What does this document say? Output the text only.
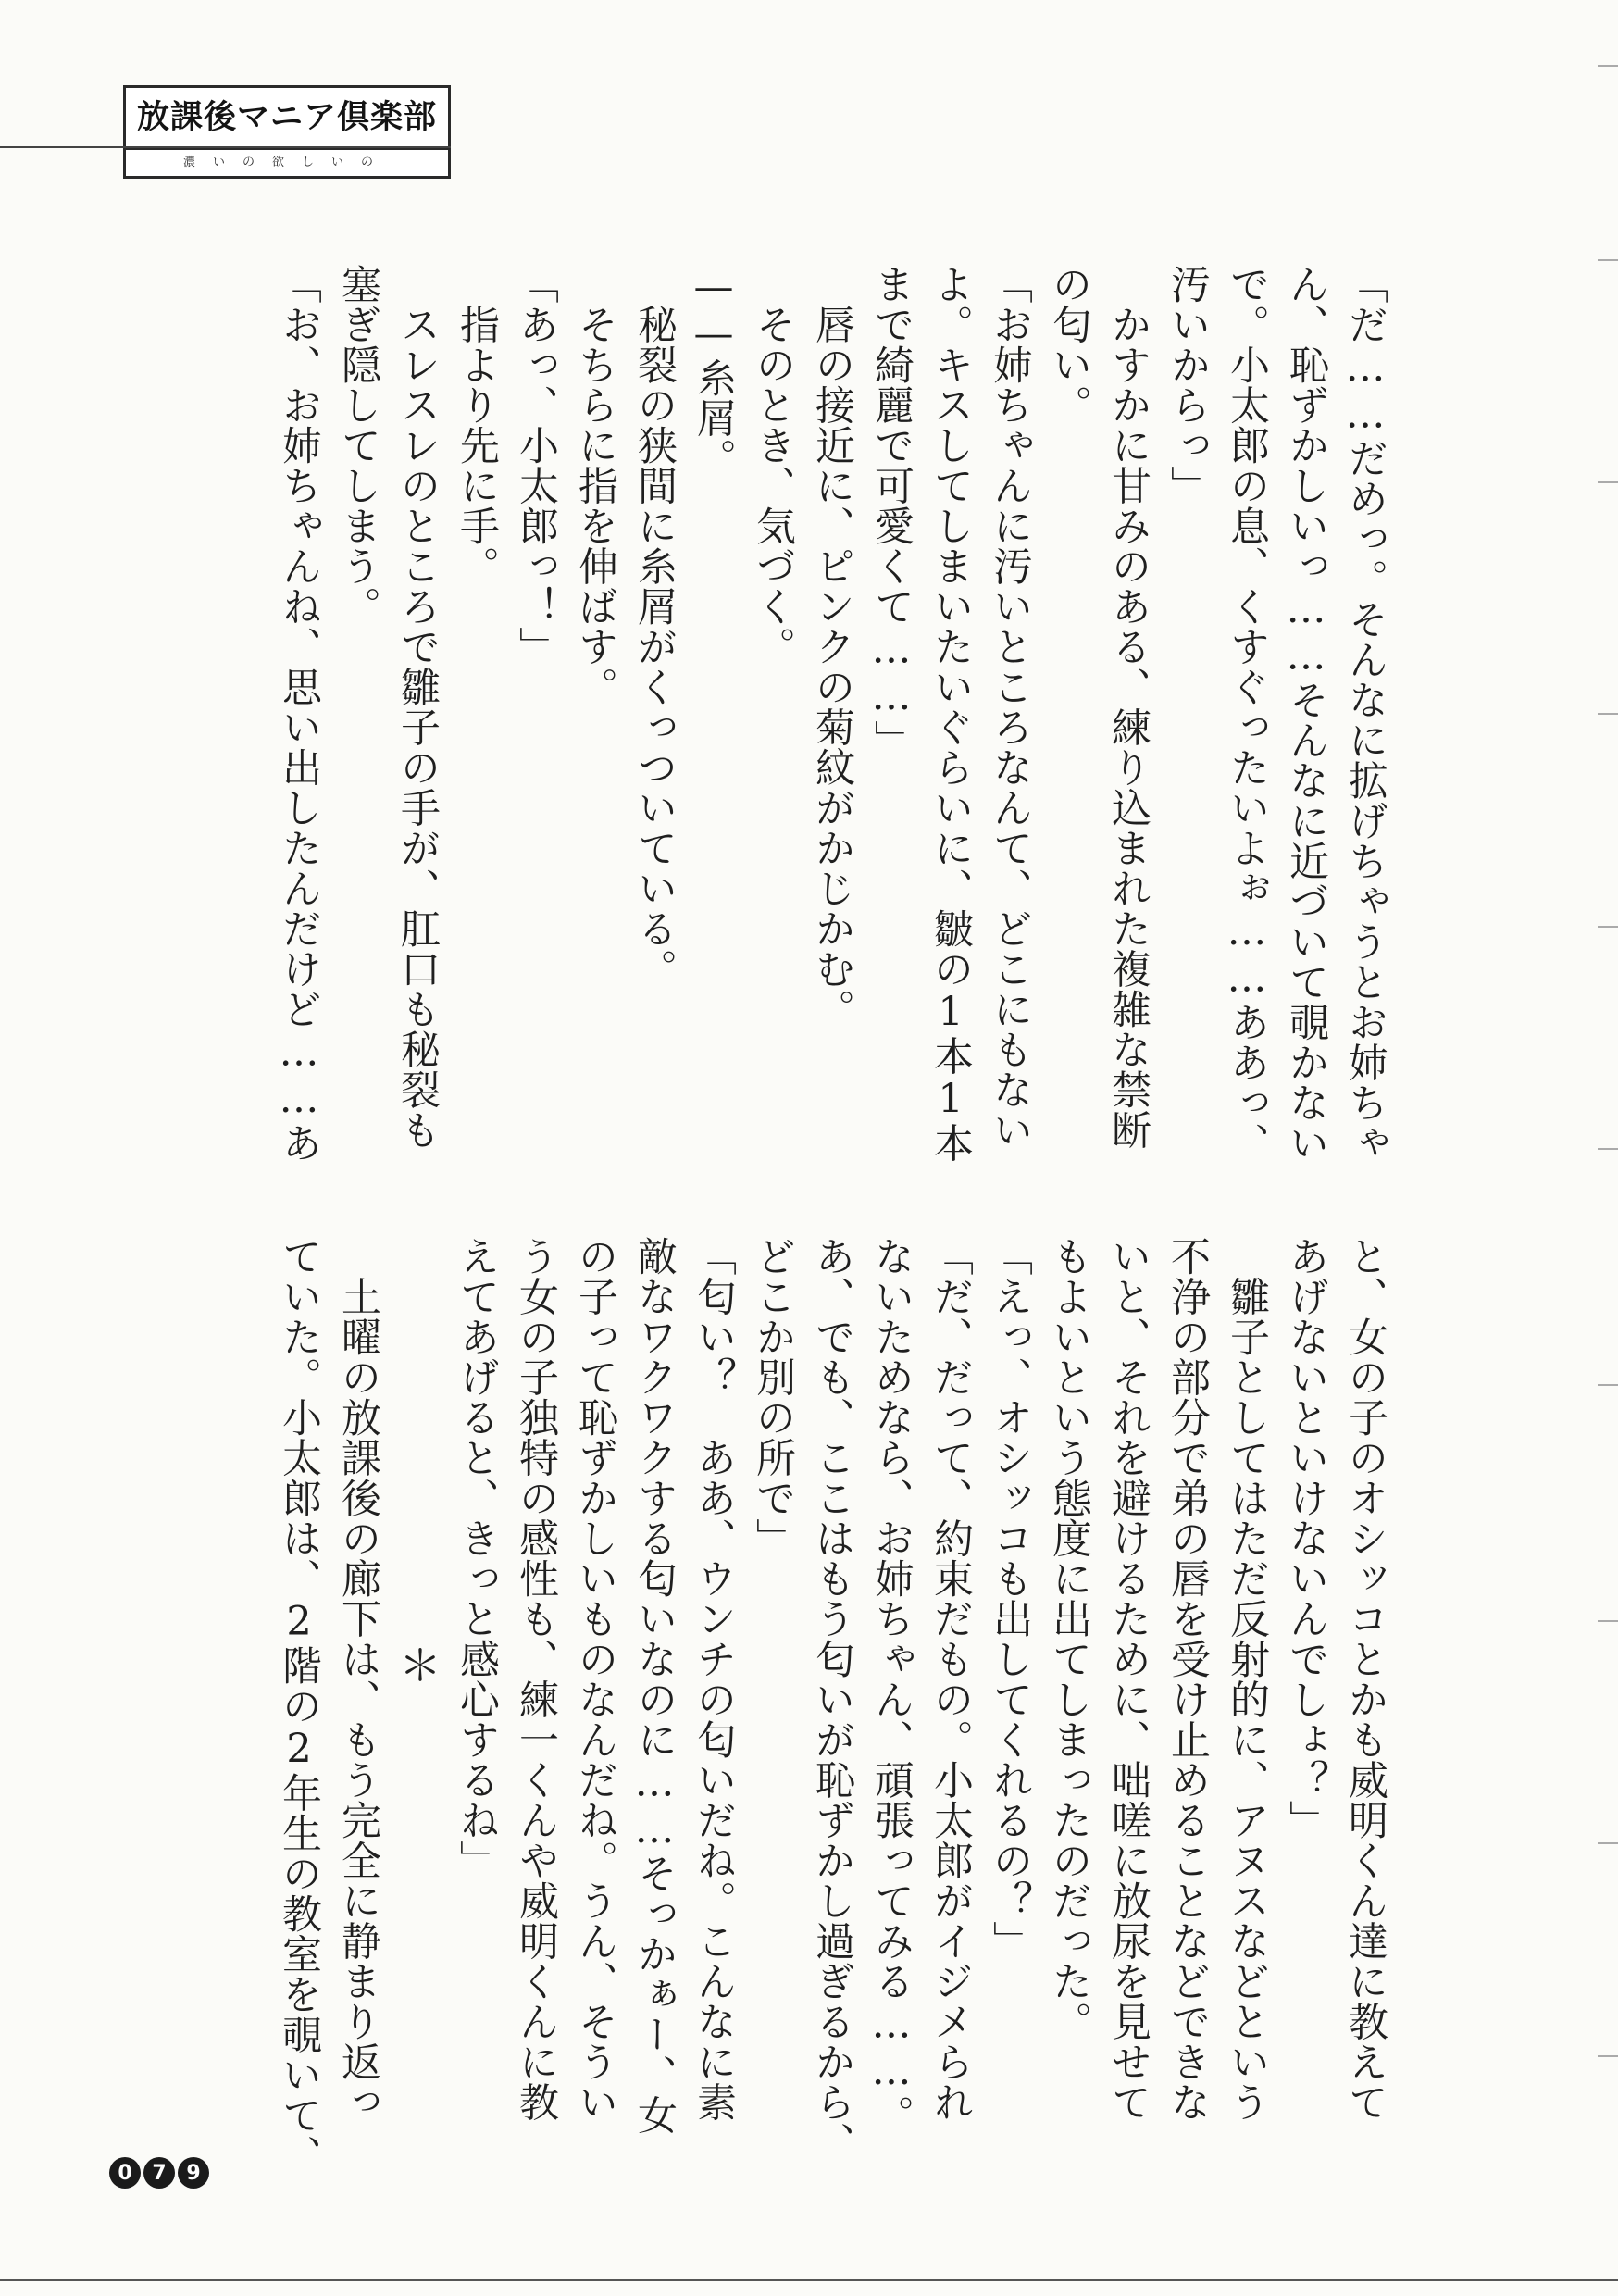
放課後マニア倶楽部
濃いの欲しいの
「だ……だめっ。そんなに拡げちゃうとお姉ちゃ
ん、恥ずかしいっ……そんなに近づいて覗かない
で。小太郎の息、くすぐったいよぉ……ああっ、
汚いからっ」
　かすかに甘みのある、練り込まれた複雑な禁断
の匂い。
「お姉ちゃんに汚いところなんて、どこにもない
よ。キスしてしまいたいぐらいに、皺の1本1本
まで綺麗で可愛くて……」
　唇の接近に、ピンクの菊紋がかじかむ。
　そのとき、気づく。
——糸屑。
　秘裂の狭間に糸屑がくっついている。
　そちらに指を伸ばす。
「あっ、小太郎っ！」
　指より先に手。
　スレスレのところで雛子の手が、肛口も秘裂も
塞ぎ隠してしまう。
「お、お姉ちゃんね、思い出したんだけど……あ
と、女の子のオシッコとかも威明くん達に教えて
あげないといけないんでしょ？」
　雛子としてはただ反射的に、アヌスなどという
不浄の部分で弟の唇を受け止めることなどできな
いと、それを避けるために、咄嗟に放尿を見せて
もよいという態度に出てしまったのだった。
「えっ、オシッコも出してくれるの？」
「だ、だって、約束だもの。小太郎がイジメられ
ないためなら、お姉ちゃん、頑張ってみる……。
あ、でも、ここはもう匂いが恥ずかし過ぎるから、
どこか別の所で」
「匂い？　ああ、ウンチの匂いだね。こんなに素
敵なワクワクする匂いなのに……そっかぁー、女
の子って恥ずかしいものなんだね。うん、そうい
う女の子独特の感性も、練一くんや威明くんに教
えてあげると、きっと感心するね」
＊
　土曜の放課後の廊下は、もう完全に静まり返っ
ていた。小太郎は、2階の2年生の教室を覗いて、
0 7 9
